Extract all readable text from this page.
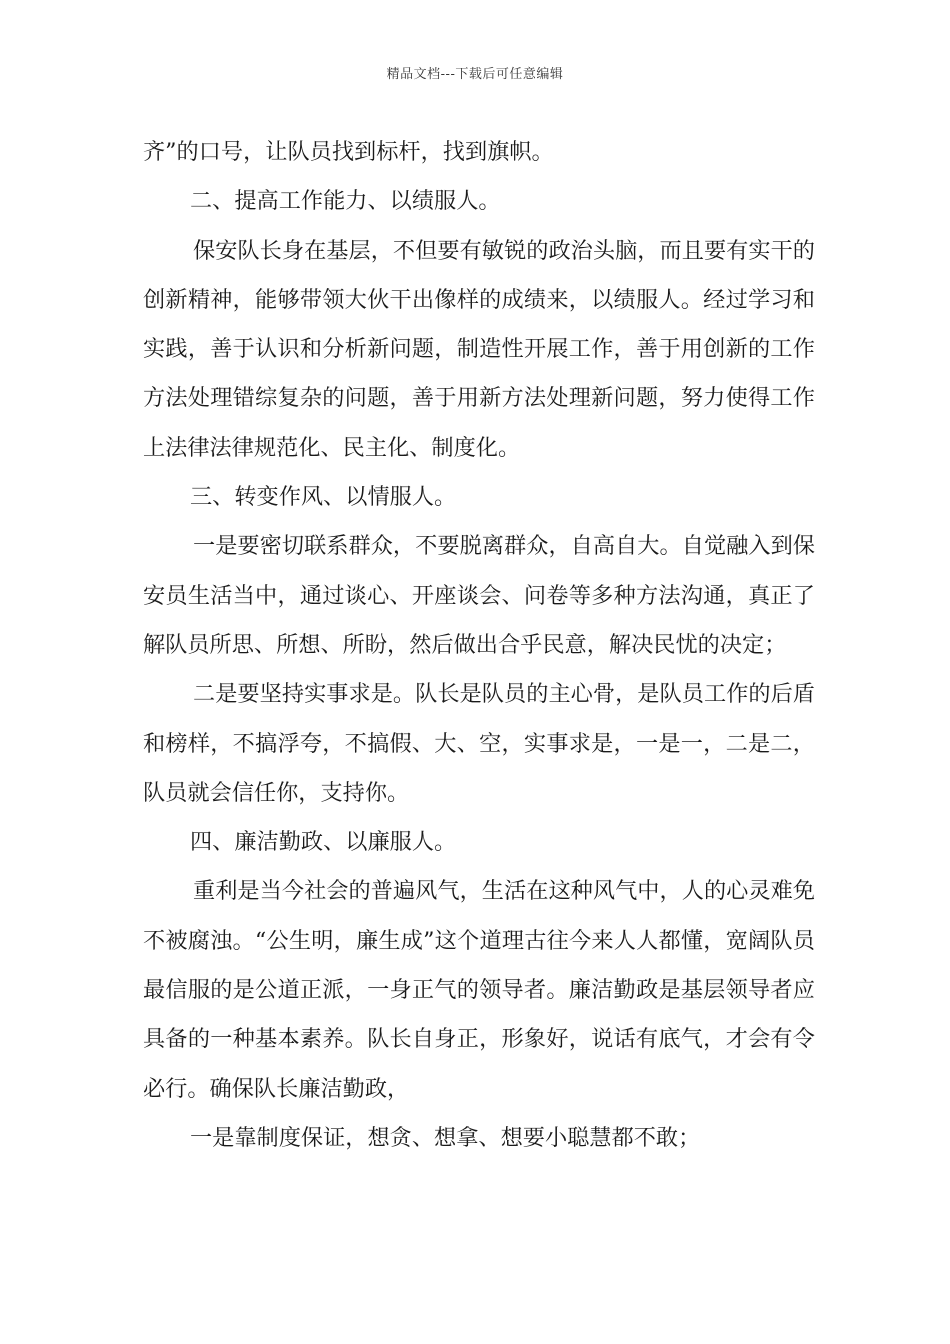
精品文档---下载后可任意编辑

齐”的口号，让队员找到标杆，找到旗帜。

二、提高工作能力、以绩服人。

保安队长身在基层，不但要有敏锐的政治头脑，而且要有实干的创新精神，能够带领大伙干出像样的成绩来，以绩服人。经过学习和实践，善于认识和分析新问题，制造性开展工作，善于用创新的工作方法处理错综复杂的问题，善于用新方法处理新问题，努力使得工作上法律法律规范化、民主化、制度化。

三、转变作风、以情服人。

一是要密切联系群众，不要脱离群众，自高自大。自觉融入到保安员生活当中，通过谈心、开座谈会、问卷等多种方法沟通，真正了解队员所思、所想、所盼，然后做出合乎民意，解决民忧的决定；

二是要坚持实事求是。队长是队员的主心骨，是队员工作的后盾和榜样，不搞浮夸，不搞假、大、空，实事求是，一是一，二是二，队员就会信任你，支持你。

四、廉洁勤政、以廉服人。

重利是当今社会的普遍风气，生活在这种风气中，人的心灵难免不被腐浊。“公生明，廉生成”这个道理古往今来人人都懂，宽阔队员最信服的是公道正派，一身正气的领导者。廉洁勤政是基层领导者应具备的一种基本素养。队长自身正，形象好，说话有底气，才会有令必行。确保队长廉洁勤政，

一是靠制度保证，想贪、想拿、想要小聪慧都不敢；
